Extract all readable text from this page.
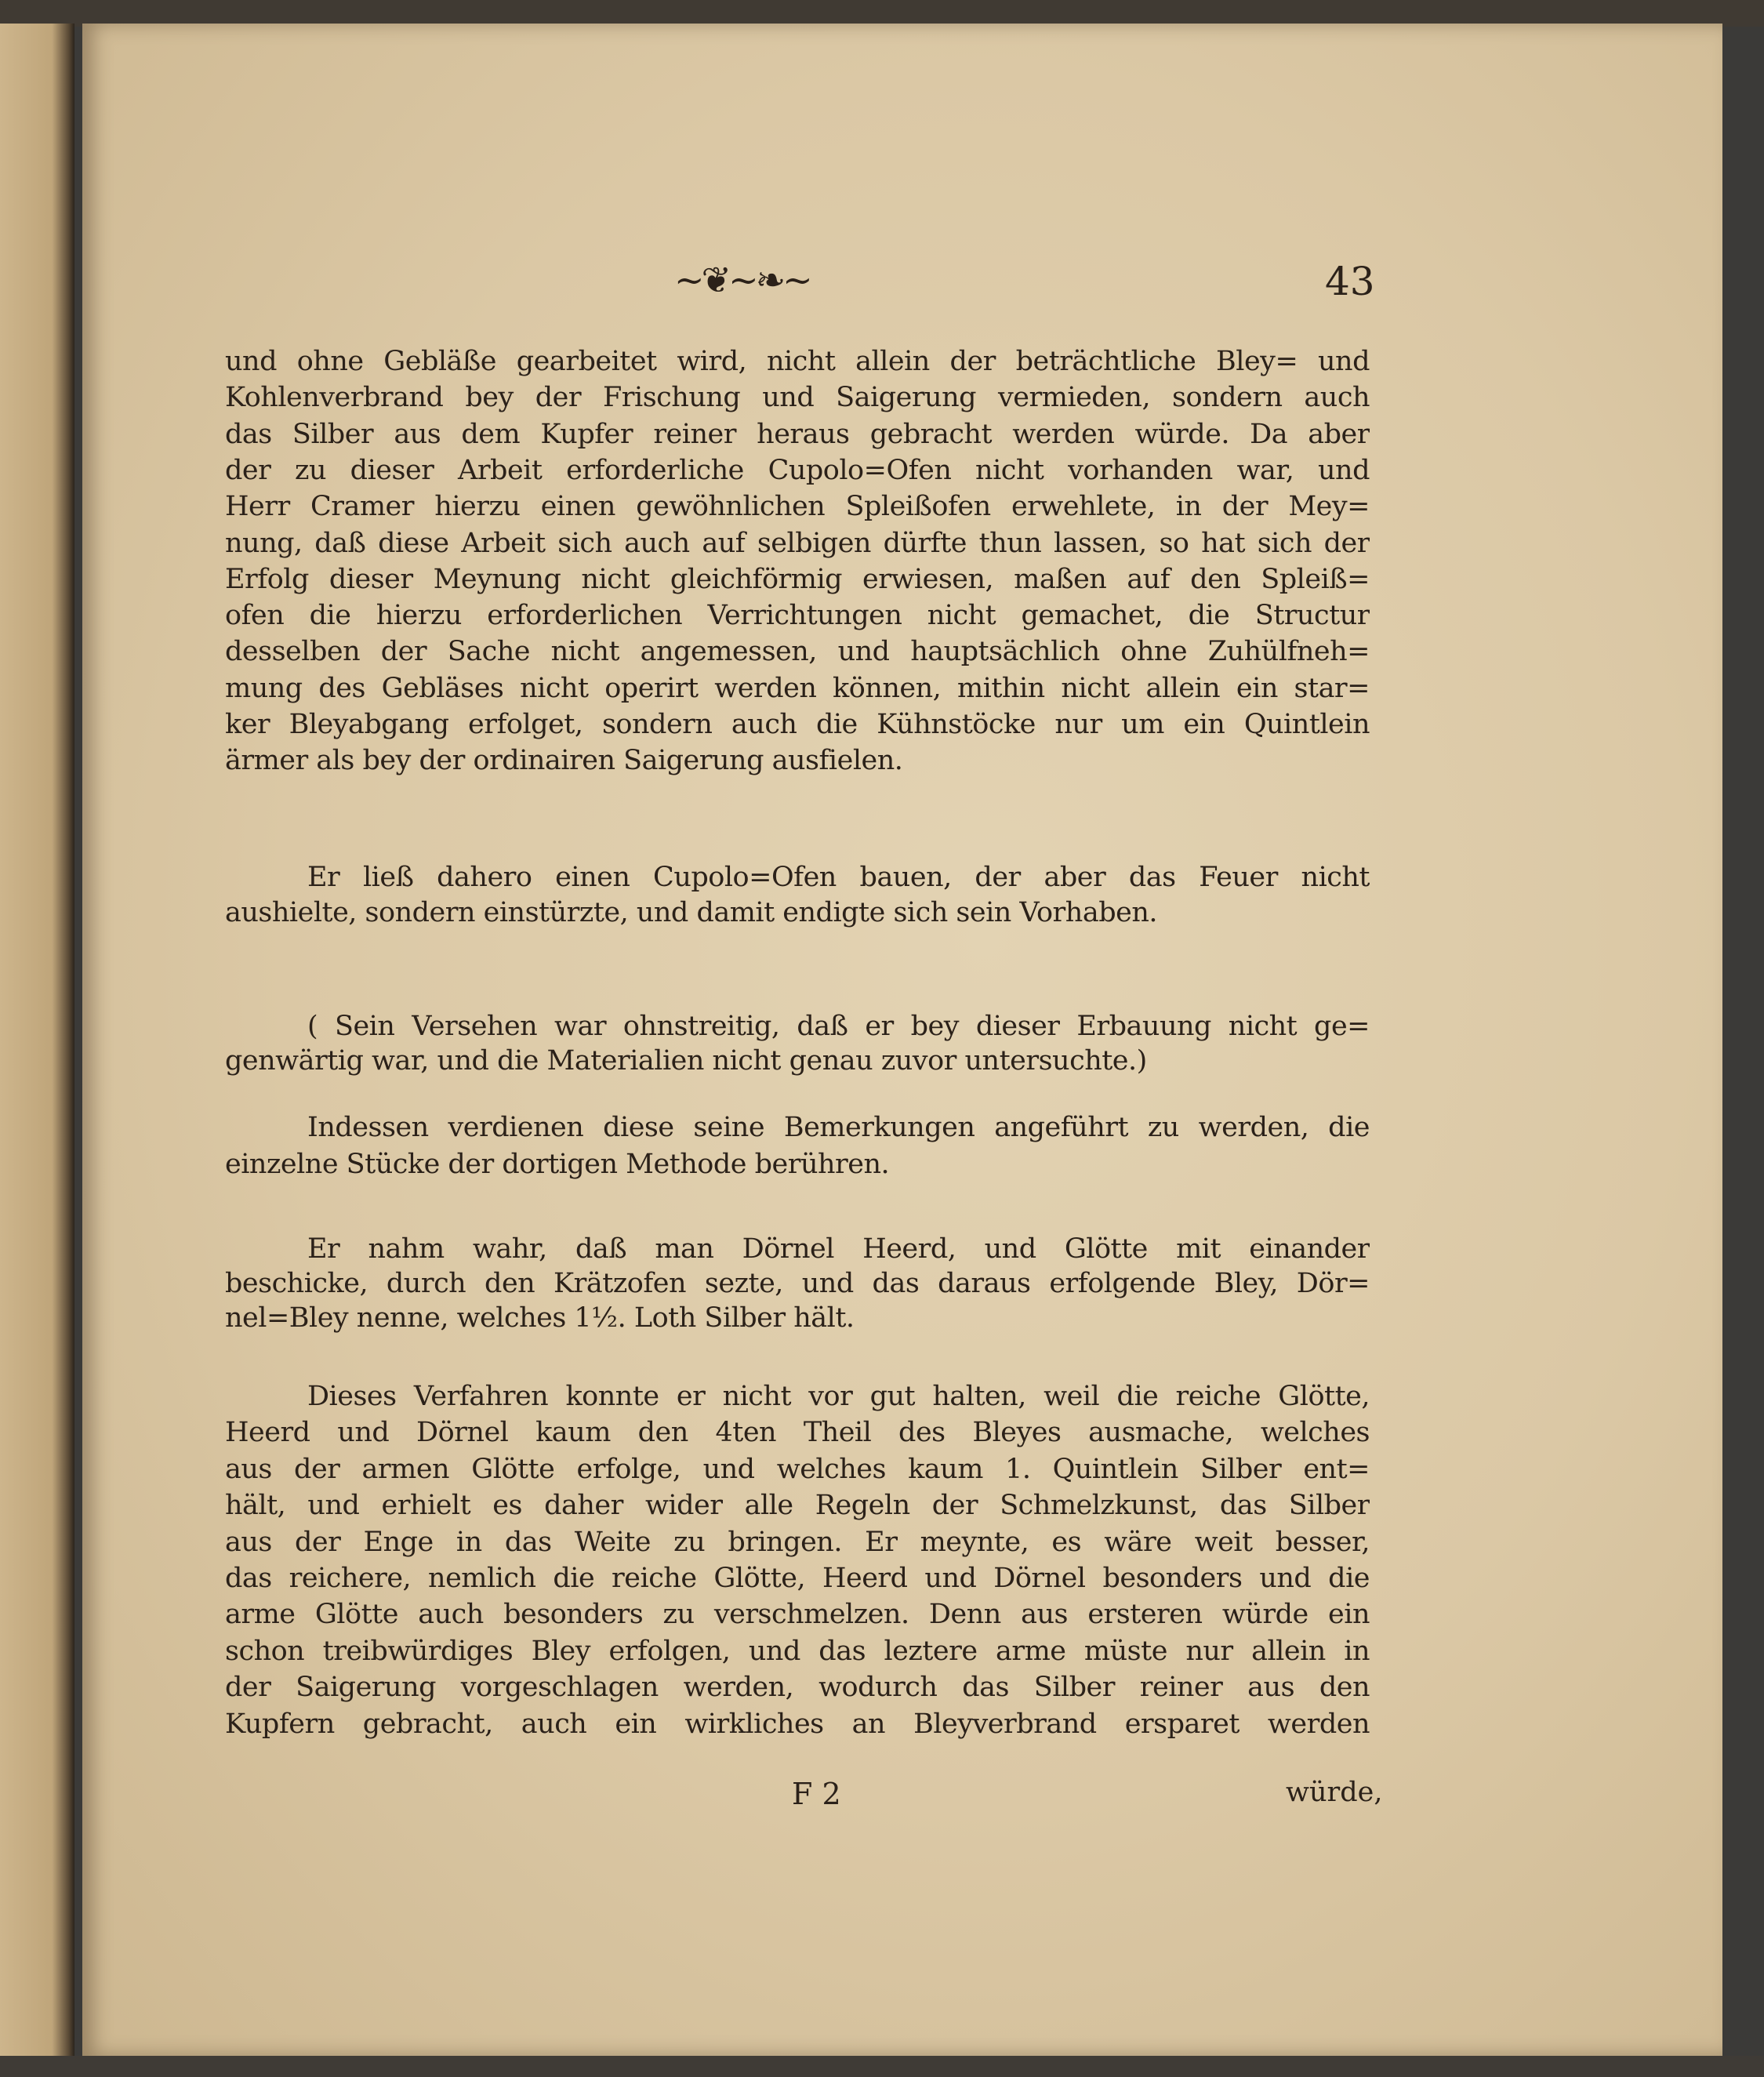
~❦~❧~	43
und ohne Gebläße gearbeitet wird, nicht allein der beträchtliche Bley= und
Kohlenverbrand bey der Frischung und Saigerung vermieden, sondern auch
das Silber aus dem Kupfer reiner heraus gebracht werden würde. Da aber
der zu dieser Arbeit erforderliche Cupolo=Ofen nicht vorhanden war, und
Herr Cramer hierzu einen gewöhnlichen Spleißofen erwehlete, in der Mey=
nung, daß diese Arbeit sich auch auf selbigen dürfte thun lassen, so hat sich der
Erfolg dieser Meynung nicht gleichförmig erwiesen, maßen auf den Spleiß=
ofen die hierzu erforderlichen Verrichtungen nicht gemachet, die Structur
desselben der Sache nicht angemessen, und hauptsächlich ohne Zuhülfneh=
mung des Gebläses nicht operirt werden können, mithin nicht allein ein star=
ker Bleyabgang erfolget, sondern auch die Kühnstöcke nur um ein Quintlein
ärmer als bey der ordinairen Saigerung ausfielen.
Er ließ dahero einen Cupolo=Ofen bauen, der aber das Feuer nicht
aushielte, sondern einstürzte, und damit endigte sich sein Vorhaben.
( Sein Versehen war ohnstreitig, daß er bey dieser Erbauung nicht ge=
genwärtig war, und die Materialien nicht genau zuvor untersuchte.)
Indessen verdienen diese seine Bemerkungen angeführt zu werden, die
einzelne Stücke der dortigen Methode berühren.
Er nahm wahr, daß man Dörnel Heerd, und Glötte mit einander
beschicke, durch den Krätzofen sezte, und das daraus erfolgende Bley, Dör=
nel=Bley nenne, welches 1½. Loth Silber hält.
Dieses Verfahren konnte er nicht vor gut halten, weil die reiche Glötte,
Heerd und Dörnel kaum den 4ten Theil des Bleyes ausmache, welches
aus der armen Glötte erfolge, und welches kaum 1. Quintlein Silber ent=
hält, und erhielt es daher wider alle Regeln der Schmelzkunst, das Silber
aus der Enge in das Weite zu bringen. Er meynte, es wäre weit besser,
das reichere, nemlich die reiche Glötte, Heerd und Dörnel besonders und die
arme Glötte auch besonders zu verschmelzen. Denn aus ersteren würde ein
schon treibwürdiges Bley erfolgen, und das leztere arme müste nur allein in
der Saigerung vorgeschlagen werden, wodurch das Silber reiner aus den
Kupfern gebracht, auch ein wirkliches an Bleyverbrand ersparet werden
F 2	würde,
